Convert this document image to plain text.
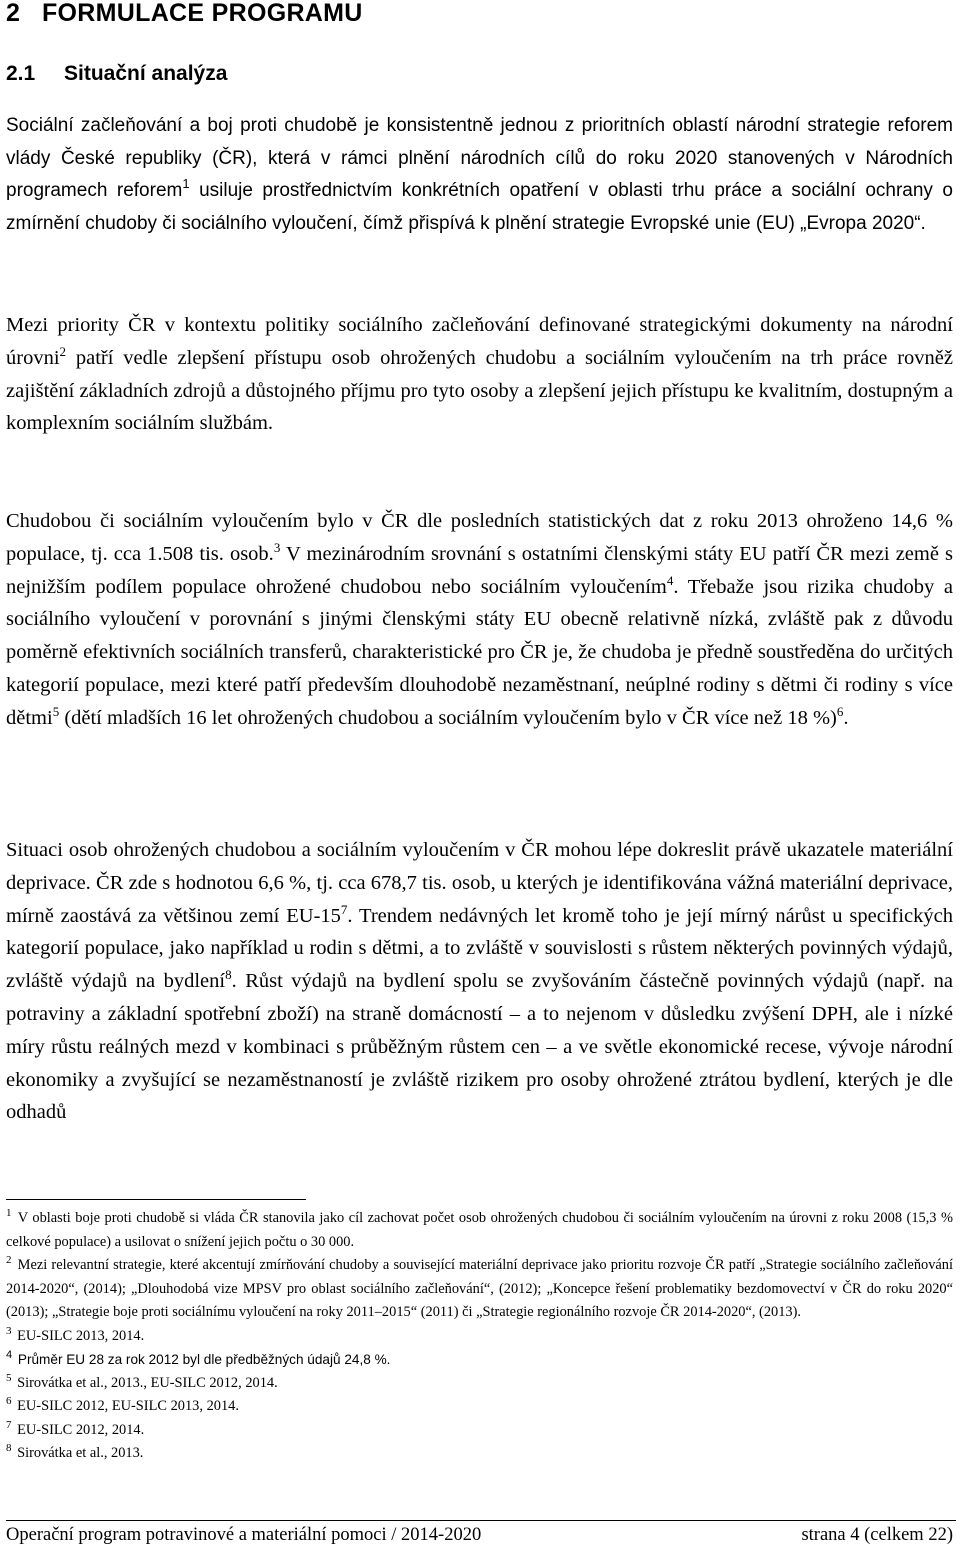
2 FORMULACE PROGRAMU
2.1 Situační analýza

Sociální začleňování a boj proti chudobě je konsistentně jednou z prioritních oblastí národní strategie reforem vlády České republiky (ČR), která v rámci plnění národních cílů do roku 2020 stanovených v Národních programech reforem$^1$ usiluje prostřednictvím konkrétních opatření v oblasti trhu práce a sociální ochrany o zmírnění chudoby či sociálního vyloučení, čímž přispívá k plnění strategie Evropské unie (EU) „Evropa 2020“.

Mezi priority ČR v kontextu politiky sociálního začleňování definované strategickými dokumenty na národní úrovni$^2$ patří vedle zlepšení přístupu osob ohrožených chudobu a sociálním vyloučením na trh práce rovněž zajištění základních zdrojů a důstojného příjmu pro tyto osoby a zlepšení jejich přístupu ke kvalitním, dostupným a komplexním sociálním službám.

Chudobou či sociálním vyloučením bylo v ČR dle posledních statistických dat z roku 2013 ohroženo 14,6 % populace, tj. cca 1.508 tis. osob.$^3$ V mezinárodním srovnání s ostatními členskými státy EU patří ČR mezi země s nejnižším podílem populace ohrožené chudobou nebo sociálním vyloučením$^4$. Třebaže jsou rizika chudoby a sociálního vyloučení v porovnání s jinými členskými státy EU obecně relativně nízká, zvláště pak z důvodu poměrně efektivních sociálních transferů, charakteristické pro ČR je, že chudoba je předně soustředěna do určitých kategorií populace, mezi které patří především dlouhodobě nezaměstnaní, neúplné rodiny s dětmi či rodiny s více dětmi$^5$ (dětí mladších 16 let ohrožených chudobou a sociálním vyloučením bylo v ČR více než 18 %)$^6$.

Situaci osob ohrožených chudobou a sociálním vyloučením v ČR mohou lépe dokreslit právě ukazatele materiální deprivace. ČR zde s hodnotou 6,6 %, tj. cca 678,7 tis. osob, u kterých je identifikována vážná materiální deprivace, mírně zaostává za většinou zemí $EU-15^7$. Trendem nedávných let kromě toho je její mírný nárůst u specifických kategorií populace, jako například u rodin s dětmi, a to zvláště v souvislosti s růstem některých povinných výdajů, zvláště výdajů na bydlení$^8$. Růst výdajů na bydlení spolu se zvyšováním částečně povinných výdajů (např. na potraviny a základní spotřební zboží) na straně domácností – a to nejenom v důsledku zvýšení DPH, ale i nízké míry růstu reálných mezd v kombinaci s průběžným růstem cen – a ve světle ekonomické recese, vývoje národní ekonomiky a zvyšující se nezaměstnaností je zvláště rizikem pro osoby ohrožené ztrátou bydlení, kterých je dle odhadů

$^1$ V oblasti boje proti chudobě si vláda ČR stanovila jako cíl zachovat počet osob ohrožených chudobou či sociálním vyloučením na úrovni z roku 2008 (15,3 % celkové populace) a usilovat o snížení jejich počtu o 30 000.

$^2$ Mezi relevantní strategie, které akcentují zmírňování chudoby a související materiální deprivace jako prioritu rozvoje ČR patří „Strategie sociálního začleňování 2014-2020“, (2014); „Dlouhodobá vize MPSV pro oblast sociálního začleňování“, (2012); „Koncepce řešení problematiky bezdomovectví v ČR do roku 2020“ (2013); „Strategie boje proti sociálnímu vyloučení na roky 2011–2015“ (2011) či „Strategie regionálního rozvoje ČR 2014-2020“, (2013).

$^3$ EU-SILC 2013, 2014.

$^4$ Průměr EU 28 za rok 2012 byl dle předběžných údajů 24,8 %.

$^5$ Sirovátka et al., 2013., EU-SILC 2012, 2014.

$^6$ EU-SILC 2012, EU-SILC 2013, 2014.

$^7$ EU-SILC 2012, 2014.

$^8$ Sirovátka et al., 2013.

Operační program potravinové a materiální pomoci / 2014-2020	strana 4 (celkem 22)
